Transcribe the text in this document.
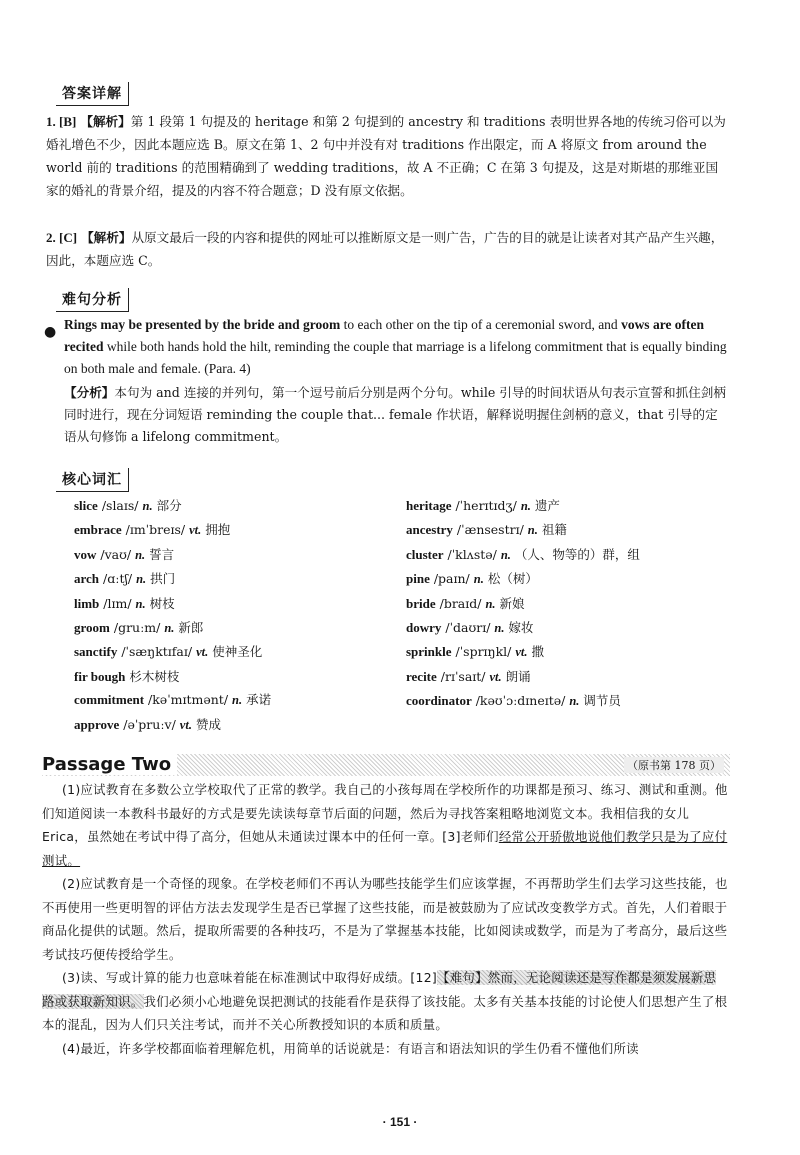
答案详解
1. [B] 【解析】第 1 段第 1 句提及的 heritage 和第 2 句提到的 ancestry 和 traditions 表明世界各地的传统习俗可以为婚礼增色不少，因此本题应选 B。原文在第 1、2 句中并没有对 traditions 作出限定，而 A 将原文 from around the world 前的 traditions 的范围精确到了 wedding traditions，故 A 不正确；C 在第 3 句提及，这是对斯堪的那维亚国家的婚礼的背景介绍，提及的内容不符合题意；D 没有原文依据。
2. [C] 【解析】从原文最后一段的内容和提供的网址可以推断原文是一则广告，广告的目的就是让读者对其产品产生兴趣，因此，本题应选 C。
难句分析
● Rings may be presented by the bride and groom to each other on the tip of a ceremonial sword, and vows are often recited while both hands hold the hilt, reminding the couple that marriage is a lifelong commitment that is equally binding on both male and female. (Para. 4)
【分析】本句为 and 连接的并列句，第一个逗号前后分别是两个分句。while 引导的时间状语从句表示宣誓和抓住剑柄同时进行，现在分词短语 reminding the couple that... female 作状语，解释说明握住剑柄的意义，that 引导的定语从句修饰 a lifelong commitment。
核心词汇
slice /slaɪs/ n. 部分
embrace /ɪmˈbreɪs/ vt. 拥抱
vow /vaʊ/ n. 誓言
arch /ɑːtʃ/ n. 拱门
limb /lɪm/ n. 树枝
groom /gruːm/ n. 新郎
sanctify /ˈsæŋktɪfaɪ/ vt. 使神圣化
fir bough 杉木树枝
commitment /kəˈmɪtmənt/ n. 承诺
approve /əˈpruːv/ vt. 赞成
heritage /ˈherɪtɪdʒ/ n. 遗产
ancestry /ˈænsestrɪ/ n. 祖籍
cluster /ˈklʌstə/ n. （人、物等的）群，组
pine /paɪn/ n. 松（树）
bride /braɪd/ n. 新娘
dowry /ˈdaʊrɪ/ n. 嫁妆
sprinkle /ˈsprɪŋkl/ vt. 撒
recite /rɪˈsaɪt/ vt. 朗诵
coordinator /kəʊˈɔːdɪneɪtə/ n. 调节员
Passage Two	（原书第 178 页）
(1)应试教育在多数公立学校取代了正常的教学。我自己的小孩每周在学校所作的功课都是预习、练习、测试和重测。他们知道阅读一本教科书最好的方式是要先读读每章节后面的问题，然后为寻找答案粗略地浏览文本。我相信我的女儿 Erica，虽然她在考试中得了高分，但她从未通读过课本中的任何一章。[3]老师们经常公开骄傲地说他们教学只是为了应付测试。
(2)应试教育是一个奇怪的现象。在学校老师们不再认为哪些技能学生们应该掌握，不再帮助学生们去学习这些技能，也不再使用一些更明智的评估方法去发现学生是否已掌握了这些技能，而是被鼓励为了应试改变教学方式。首先，人们着眼于商品化提供的试题。然后，提取所需要的各种技巧，不是为了掌握基本技能，比如阅读或数学，而是为了考高分，最后这些考试技巧便传授给学生。
(3)读、写或计算的能力也意味着能在标准测试中取得好成绩。[12]【难句】然而，无论阅读还是写作都是须发展新思路或获取新知识。我们必须小心地避免误把测试的技能看作是获得了该技能。太多有关基本技能的讨论使人们思想产生了根本的混乱，因为人们只关注考试，而并不关心所教授知识的本质和质量。
(4)最近，许多学校都面临着理解危机，用简单的话说就是：有语言和语法知识的学生仍看不懂他们所读
· 151 ·
